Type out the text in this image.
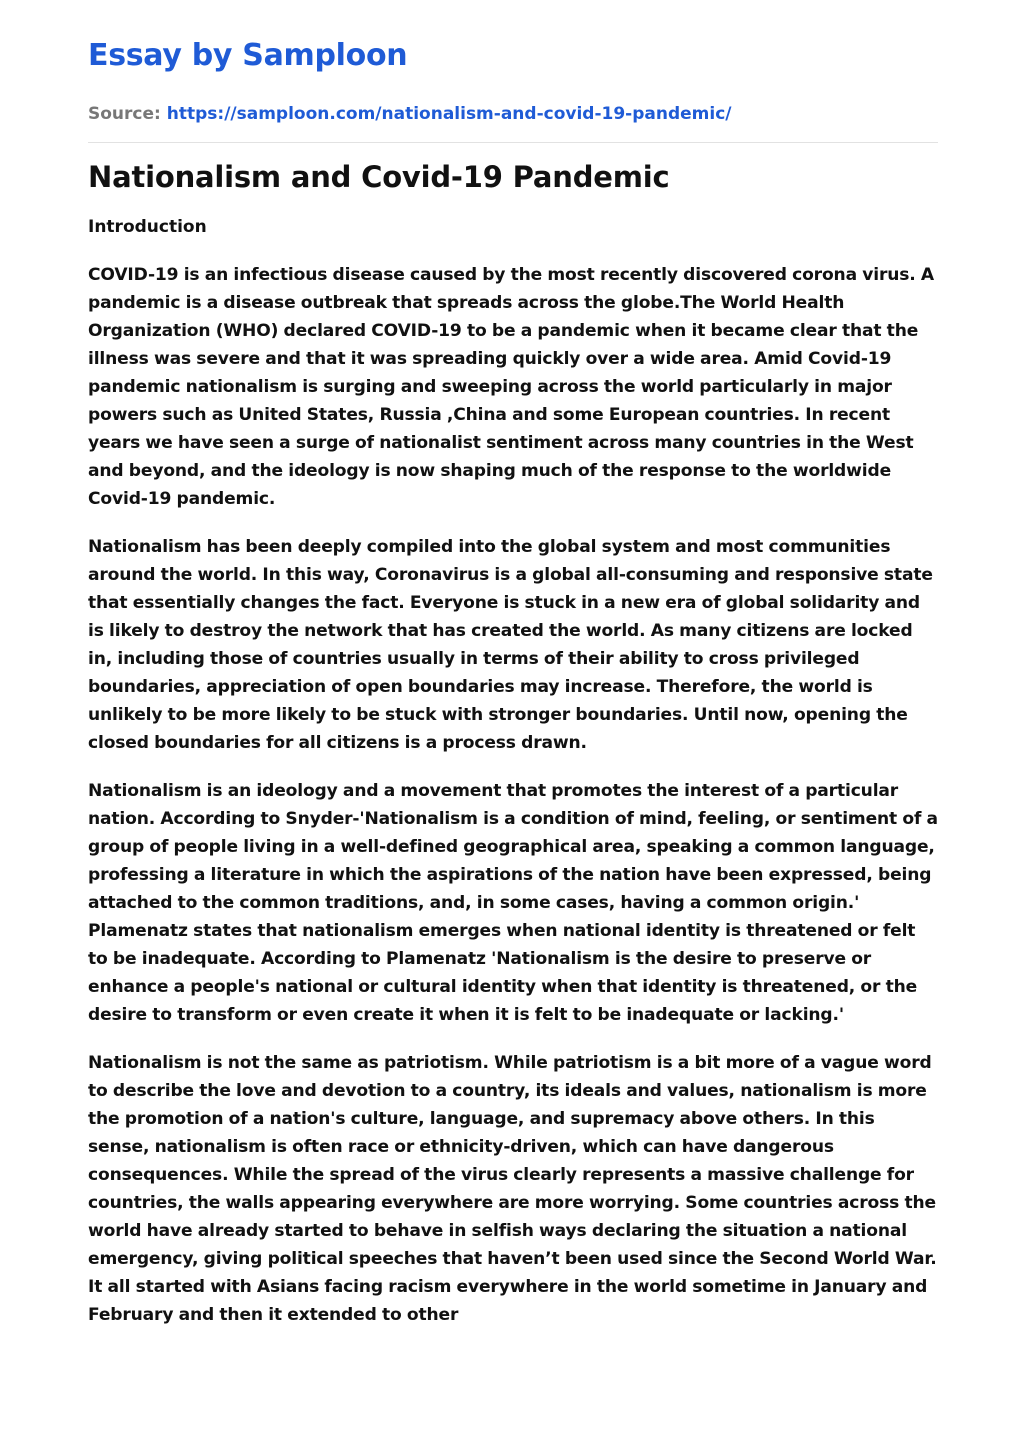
Essay by Samploon
Source: https://samploon.com/nationalism-and-covid-19-pandemic/
Nationalism and Covid-19 Pandemic
Introduction

COVID-19 is an infectious disease caused by the most recently discovered corona virus. A pandemic is a disease outbreak that spreads across the globe.The World Health Organization (WHO) declared COVID-19 to be a pandemic when it became clear that the illness was severe and that it was spreading quickly over a wide area. Amid Covid-19 pandemic nationalism is surging and sweeping across the world particularly in major powers such as United States, Russia ,China and some European countries. In recent years we have seen a surge of nationalist sentiment across many countries in the West and beyond, and the ideology is now shaping much of the response to the worldwide Covid-19 pandemic.

Nationalism has been deeply compiled into the global system and most communities around the world. In this way, Coronavirus is a global all-consuming and responsive state that essentially changes the fact. Everyone is stuck in a new era of global solidarity and is likely to destroy the network that has created the world. As many citizens are locked in, including those of countries usually in terms of their ability to cross privileged boundaries, appreciation of open boundaries may increase. Therefore, the world is unlikely to be more likely to be stuck with stronger boundaries. Until now, opening the closed boundaries for all citizens is a process drawn.

Nationalism is an ideology and a movement that promotes the interest of a particular nation. According to Snyder-'Nationalism is a condition of mind, feeling, or sentiment of a group of people living in a well-defined geographical area, speaking a common language, professing a literature in which the aspirations of the nation have been expressed, being attached to the common traditions, and, in some cases, having a common origin.' Plamenatz states that nationalism emerges when national identity is threatened or felt to be inadequate. According to Plamenatz 'Nationalism is the desire to preserve or enhance a people's national or cultural identity when that identity is threatened, or the desire to transform or even create it when it is felt to be inadequate or lacking.'

Nationalism is not the same as patriotism. While patriotism is a bit more of a vague word to describe the love and devotion to a country, its ideals and values, nationalism is more the promotion of a nation's culture, language, and supremacy above others. In this sense, nationalism is often race or ethnicity-driven, which can have dangerous consequences. While the spread of the virus clearly represents a massive challenge for countries, the walls appearing everywhere are more worrying. Some countries across the world have already started to behave in selfish ways declaring the situation a national emergency, giving political speeches that haven’t been used since the Second World War. It all started with Asians facing racism everywhere in the world sometime in January and February and then it extended to other
